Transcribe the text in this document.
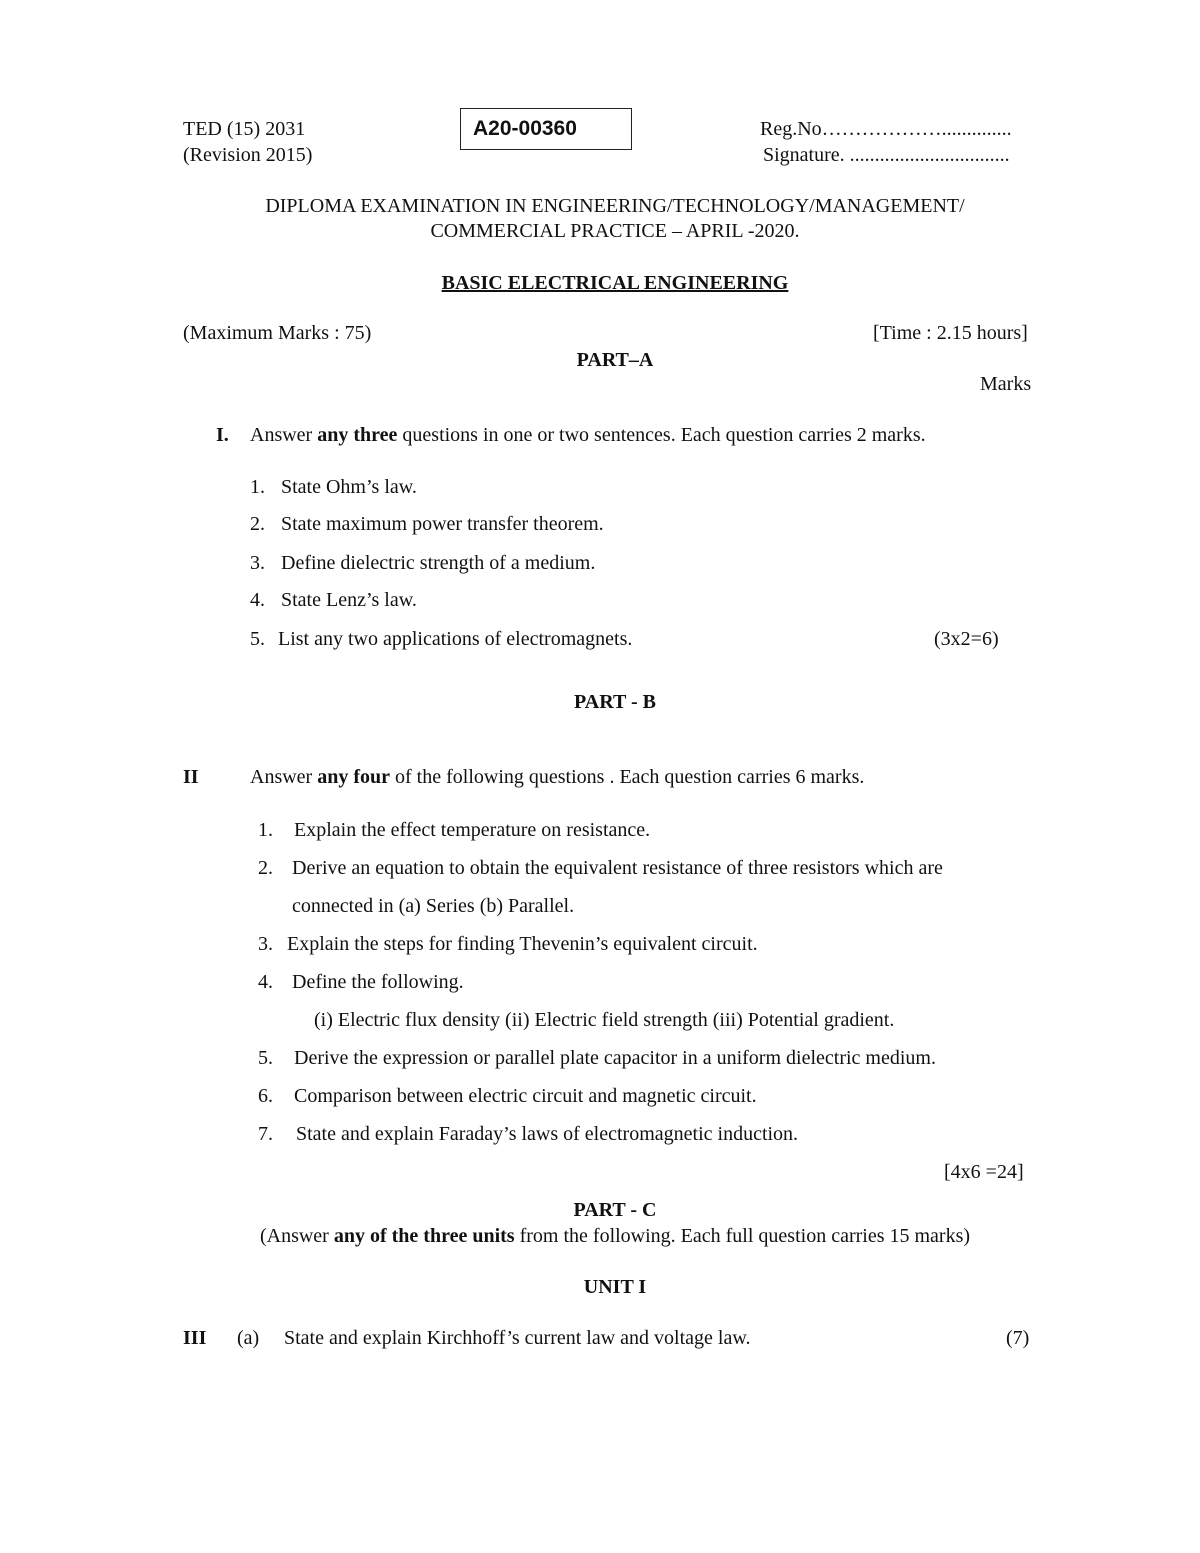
TED (15) 2031
(Revision 2015)
A20-00360	Reg.No………………..............
Signature. ................................
DIPLOMA EXAMINATION IN ENGINEERING/TECHNOLOGY/MANAGEMENT/
COMMERCIAL PRACTICE – APRIL -2020.
BASIC ELECTRICAL ENGINEERING
(Maximum Marks : 75)	[Time : 2.15 hours]
PART–A
Marks
I. Answer any three questions in one or two sentences. Each question carries 2 marks.
1. State Ohm’s law.
2. State maximum power transfer theorem.
3. Define dielectric strength of a medium.
4. State Lenz’s law.
5. List any two applications of electromagnets.	(3x2=6)
PART - B
II	Answer any four of the following questions . Each question carries 6 marks.
1. Explain the effect temperature on resistance.
2. Derive an equation to obtain the equivalent resistance of three resistors which are
connected in (a) Series (b) Parallel.
3. Explain the steps for finding Thevenin’s equivalent circuit.
4. Define the following.
(i) Electric flux density (ii) Electric field strength (iii) Potential gradient.
5. Derive the expression or parallel plate capacitor in a uniform dielectric medium.
6. Comparison between electric circuit and magnetic circuit.
7. State and explain Faraday’s laws of electromagnetic induction.
[4x6 =24]
PART - C
(Answer any of the three units from the following. Each full question carries 15 marks)
UNIT I
III (a) State and explain Kirchhoff’s current law and voltage law.	(7)
